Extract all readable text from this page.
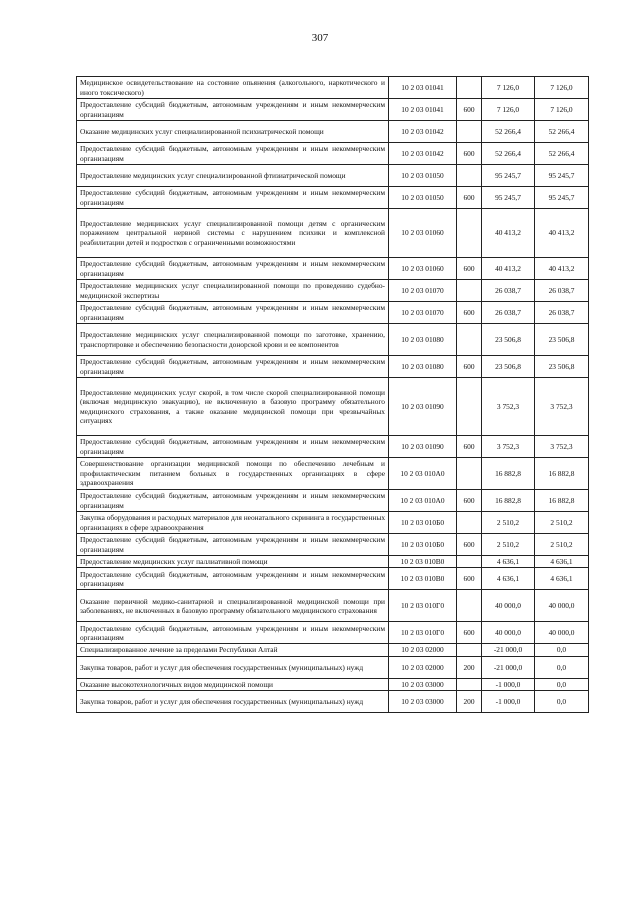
307
Медицинское освидетельствование на состояние опьянения (алкогольного, наркотического и иного токсического)	10 2 03 01041		7 126,0	7 126,0
Предоставление субсидий бюджетным, автономным учреждениям и иным некоммерческим организациям	10 2 03 01041	600	7 126,0	7 126,0
Оказание медицинских услуг специализированной психиатрической помощи	10 2 03 01042		52 266,4	52 266,4
Предоставление субсидий бюджетным, автономным учреждениям и иным некоммерческим организациям	10 2 03 01042	600	52 266,4	52 266,4
Предоставление медицинских услуг специализированной фтизиатрической помощи	10 2 03 01050		95 245,7	95 245,7
Предоставление субсидий бюджетным, автономным учреждениям и иным некоммерческим организациям	10 2 03 01050	600	95 245,7	95 245,7
Предоставление медицинских услуг специализированной помощи детям с органическим поражением центральной нервной системы с нарушением психики и комплексной реабилитации детей и подростков с ограниченными возможностями	10 2 03 01060		40 413,2	40 413,2
Предоставление субсидий бюджетным, автономным учреждениям и иным некоммерческим организациям	10 2 03 01060	600	40 413,2	40 413,2
Предоставление медицинских услуг специализированной помощи по проведению судебно-медицинской экспертизы	10 2 03 01070		26 038,7	26 038,7
Предоставление субсидий бюджетным, автономным учреждениям и иным некоммерческим организациям	10 2 03 01070	600	26 038,7	26 038,7
Предоставление медицинских услуг специализированной помощи по заготовке, хранению, транспортировке и обеспечению безопасности донорской крови и ее компонентов	10 2 03 01080		23 506,8	23 506,8
Предоставление субсидий бюджетным, автономным учреждениям и иным некоммерческим организациям	10 2 03 01080	600	23 506,8	23 506,8
Предоставление медицинских услуг скорой, в том числе скорой специализированной помощи (включая медицинскую эвакуацию), не включенную в базовую программу обязательного медицинского страхования, а также оказание медицинской помощи при чрезвычайных ситуациях	10 2 03 01090		3 752,3	3 752,3
Предоставление субсидий бюджетным, автономным учреждениям и иным некоммерческим организациям	10 2 03 01090	600	3 752,3	3 752,3
Совершенствование организации медицинской помощи по обеспечению лечебным и профилактическим питанием больных в государственных организациях в сфере здравоохранения	10 2 03 010А0		16 882,8	16 882,8
Предоставление субсидий бюджетным, автономным учреждениям и иным некоммерческим организациям	10 2 03 010А0	600	16 882,8	16 882,8
Закупка оборудования и расходных материалов для неонатального скрининга в государственных организациях в сфере здравоохранения	10 2 03 010Б0		2 510,2	2 510,2
Предоставление субсидий бюджетным, автономным учреждениям и иным некоммерческим организациям	10 2 03 010Б0	600	2 510,2	2 510,2
Предоставление медицинских услуг паллиативной помощи	10 2 03 010В0		4 636,1	4 636,1
Предоставление субсидий бюджетным, автономным учреждениям и иным некоммерческим организациям	10 2 03 010В0	600	4 636,1	4 636,1
Оказание первичной медико-санитарной и специализированной медицинской помощи при заболеваниях, не включенных в базовую программу обязательного медицинского страхования	10 2 03 010Г0		40 000,0	40 000,0
Предоставление субсидий бюджетным, автономным учреждениям и иным некоммерческим организациям	10 2 03 010Г0	600	40 000,0	40 000,0
Специализированное лечение за пределами Республики Алтай	10 2 03 02000		-21 000,0	0,0
Закупка товаров, работ и услуг для обеспечения государственных (муниципальных) нужд	10 2 03 02000	200	-21 000,0	0,0
Оказание высокотехнологичных видов медицинской помощи	10 2 03 03000		-1 000,0	0,0
Закупка товаров, работ и услуг для обеспечения государственных (муниципальных) нужд	10 2 03 03000	200	-1 000,0	0,0
